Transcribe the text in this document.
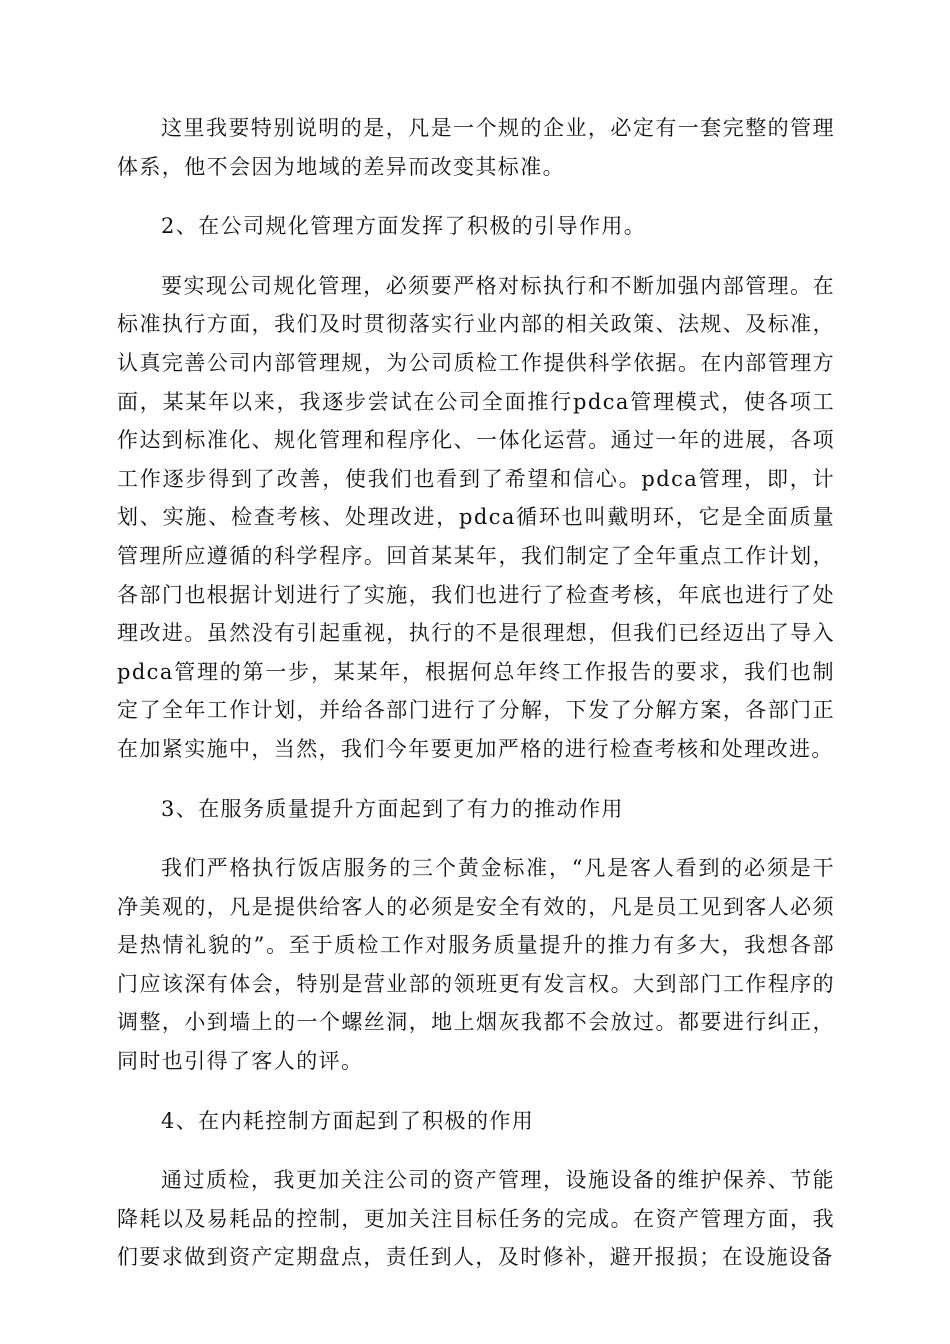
这里我要特别说明的是，凡是一个规的企业，必定有一套完整的管理体系，他不会因为地域的差异而改变其标准。

2、在公司规化管理方面发挥了积极的引导作用。

要实现公司规化管理，必须要严格对标执行和不断加强内部管理。在标准执行方面，我们及时贯彻落实行业内部的相关政策、法规、及标准，认真完善公司内部管理规，为公司质检工作提供科学依据。在内部管理方面，某某年以来，我逐步尝试在公司全面推行pdca管理模式，使各项工作达到标准化、规化管理和程序化、一体化运营。通过一年的进展，各项工作逐步得到了改善，使我们也看到了希望和信心。pdca管理，即，计划、实施、检查考核、处理改进，pdca循环也叫戴明环，它是全面质量管理所应遵循的科学程序。回首某某年，我们制定了全年重点工作计划，各部门也根据计划进行了实施，我们也进行了检查考核，年底也进行了处理改进。虽然没有引起重视，执行的不是很理想，但我们已经迈出了导入pdca管理的第一步，某某年，根据何总年终工作报告的要求，我们也制定了全年工作计划，并给各部门进行了分解，下发了分解方案，各部门正在加紧实施中，当然，我们今年要更加严格的进行检查考核和处理改进。

3、在服务质量提升方面起到了有力的推动作用

我们严格执行饭店服务的三个黄金标准，“凡是客人看到的必须是干净美观的，凡是提供给客人的必须是安全有效的，凡是员工见到客人必须是热情礼貌的”。至于质检工作对服务质量提升的推力有多大，我想各部门应该深有体会，特别是营业部的领班更有发言权。大到部门工作程序的调整，小到墙上的一个螺丝洞，地上烟灰我都不会放过。都要进行纠正，同时也引得了客人的评。

4、在内耗控制方面起到了积极的作用

通过质检，我更加关注公司的资产管理，设施设备的维护保养、节能降耗以及易耗品的控制，更加关注目标任务的完成。在资产管理方面，我们要求做到资产定期盘点，责任到人，及时修补，避开报损；在设施设备
